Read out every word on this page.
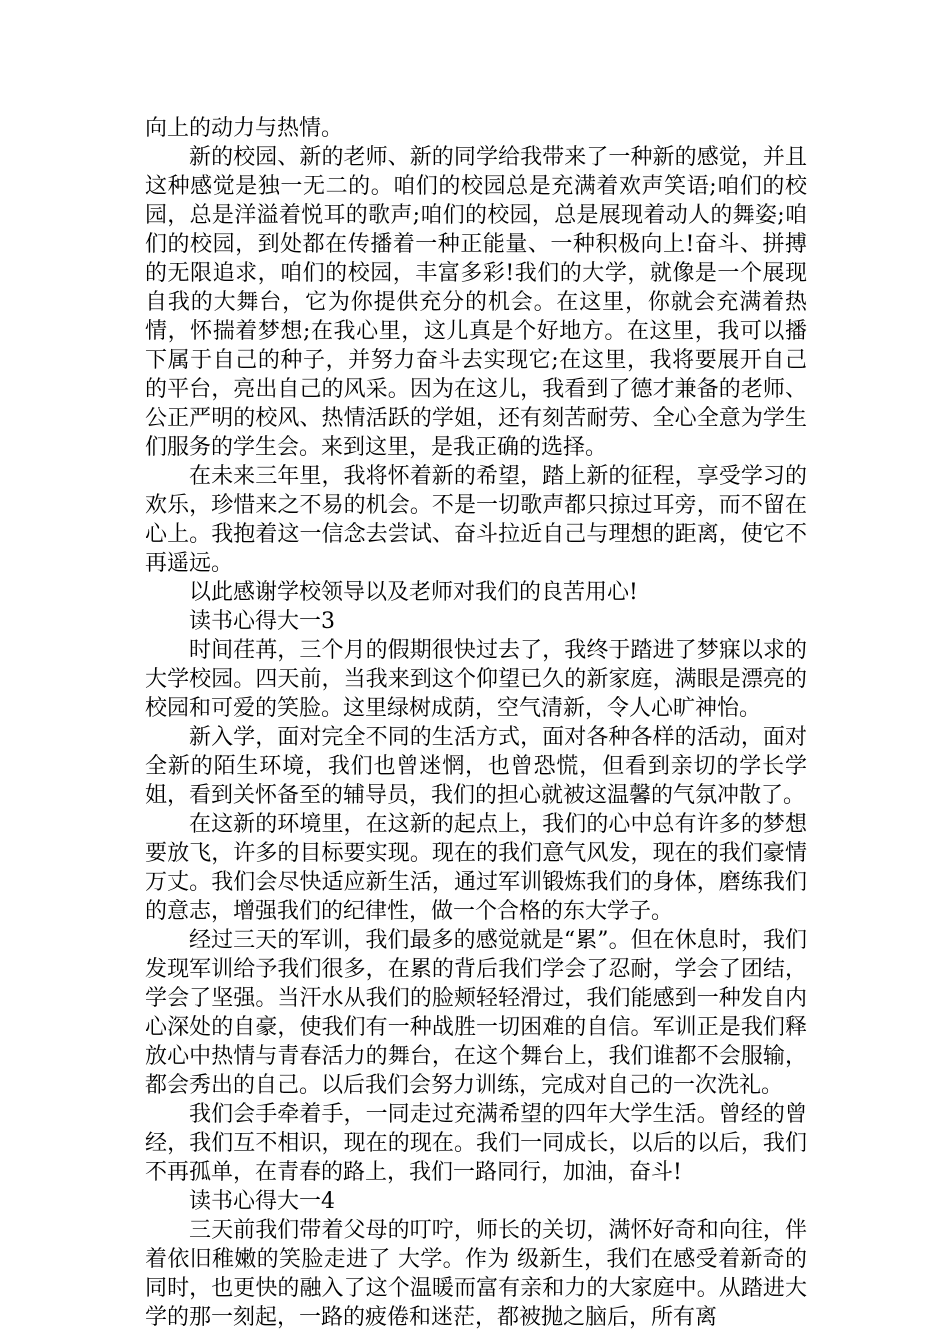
向上的动力与热情。

新的校园、新的老师、新的同学给我带来了一种新的感觉，并且这种感觉是独一无二的。咱们的校园总是充满着欢声笑语;咱们的校园，总是洋溢着悦耳的歌声;咱们的校园，总是展现着动人的舞姿;咱们的校园，到处都在传播着一种正能量、一种积极向上!奋斗、拼搏的无限追求，咱们的校园，丰富多彩!我们的大学，就像是一个展现自我的大舞台，它为你提供充分的机会。在这里，你就会充满着热情，怀揣着梦想;在我心里，这儿真是个好地方。在这里，我可以播下属于自己的种子，并努力奋斗去实现它;在这里，我将要展开自己的平台，亮出自己的风采。因为在这儿，我看到了德才兼备的老师、公正严明的校风、热情活跃的学姐，还有刻苦耐劳、全心全意为学生们服务的学生会。来到这里，是我正确的选择。

在未来三年里，我将怀着新的希望，踏上新的征程，享受学习的欢乐，珍惜来之不易的机会。不是一切歌声都只掠过耳旁，而不留在心上。我抱着这一信念去尝试、奋斗拉近自己与理想的距离，使它不再遥远。

以此感谢学校领导以及老师对我们的良苦用心!

读书心得大一3

时间荏苒，三个月的假期很快过去了，我终于踏进了梦寐以求的大学校园。四天前，当我来到这个仰望已久的新家庭，满眼是漂亮的校园和可爱的笑脸。这里绿树成荫，空气清新，令人心旷神怡。

新入学，面对完全不同的生活方式，面对各种各样的活动，面对全新的陌生环境，我们也曾迷惘，也曾恐慌，但看到亲切的学长学姐，看到关怀备至的辅导员，我们的担心就被这温馨的气氛冲散了。

在这新的环境里，在这新的起点上，我们的心中总有许多的梦想要放飞，许多的目标要实现。现在的我们意气风发，现在的我们豪情万丈。我们会尽快适应新生活，通过军训锻炼我们的身体，磨练我们的意志，增强我们的纪律性，做一个合格的东大学子。

经过三天的军训，我们最多的感觉就是“累”。但在休息时，我们发现军训给予我们很多，在累的背后我们学会了忍耐，学会了团结，学会了坚强。当汗水从我们的脸颊轻轻滑过，我们能感到一种发自内心深处的自豪，使我们有一种战胜一切困难的自信。军训正是我们释放心中热情与青春活力的舞台，在这个舞台上，我们谁都不会服输，都会秀出的自己。以后我们会努力训练，完成对自己的一次洗礼。

我们会手牵着手，一同走过充满希望的四年大学生活。曾经的曾经，我们互不相识，现在的现在。我们一同成长，以后的以后，我们不再孤单，在青春的路上，我们一路同行，加油，奋斗!

读书心得大一4

三天前我们带着父母的叮咛，师长的关切，满怀好奇和向往，伴着依旧稚嫩的笑脸走进了 大学。作为 级新生，我们在感受着新奇的同时，也更快的融入了这个温暖而富有亲和力的大家庭中。从踏进大学的那一刻起，一路的疲倦和迷茫，都被抛之脑后，所有离
